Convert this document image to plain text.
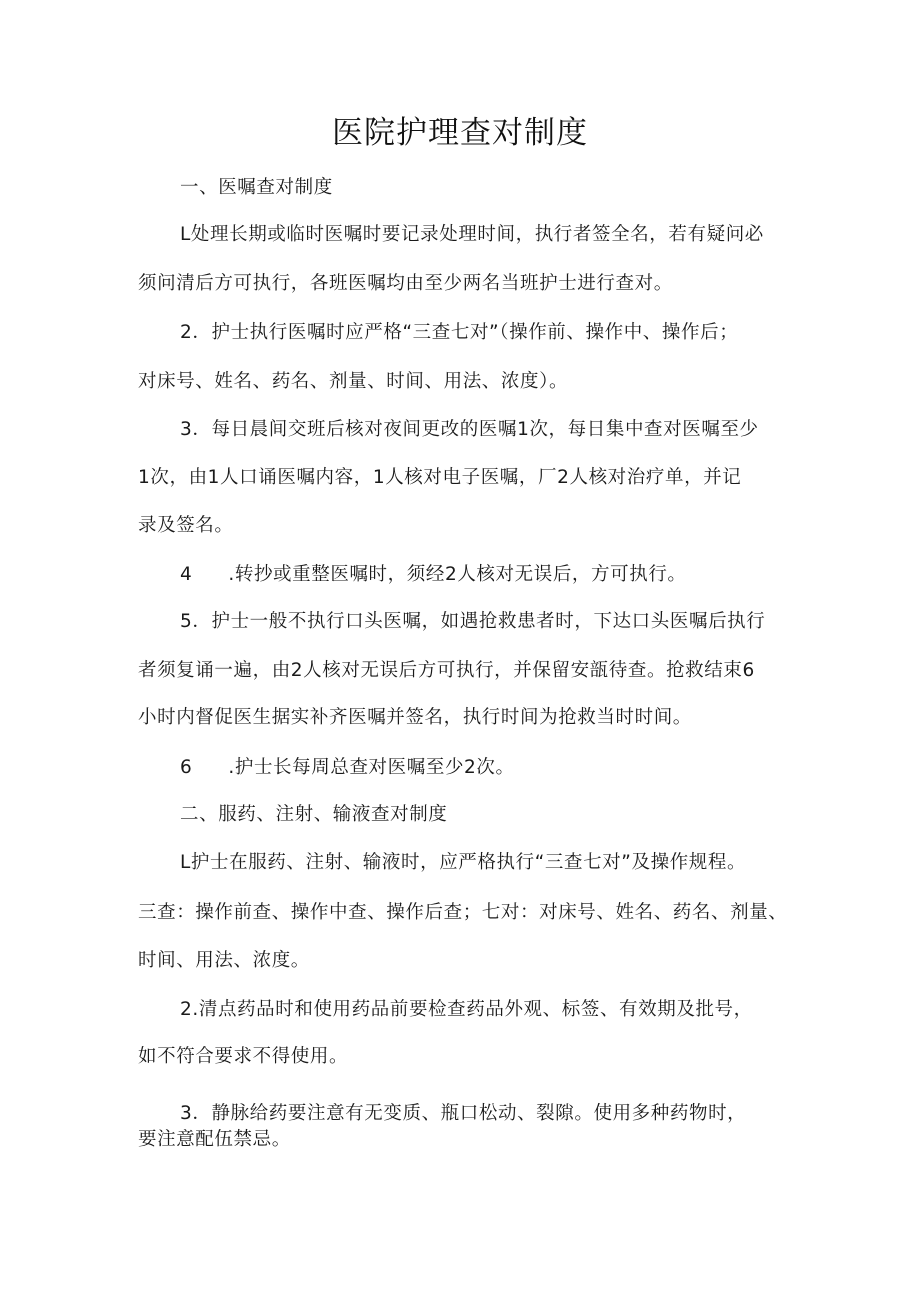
医院护理查对制度
一、医嘱查对制度
L处理长期或临时医嘱时要记录处理时间，执行者签全名，若有疑问必
须问清后方可执行，各班医嘱均由至少两名当班护士进行查对。
2．护士执行医嘱时应严格“三查七对”（操作前、操作中、操作后；
对床号、姓名、药名、剂量、时间、用法、浓度）。
3．每日晨间交班后核对夜间更改的医嘱1次，每日集中查对医嘱至少
1次，由1人口诵医嘱内容，1人核对电子医嘱，厂2人核对治疗单，并记
录及签名。
4 .转抄或重整医嘱时，须经2人核对无误后，方可执行。
5．护士一般不执行口头医嘱，如遇抢救患者时，下达口头医嘱后执行
者须复诵一遍，由2人核对无误后方可执行，并保留安瓿待查。抢救结束6
小时内督促医生据实补齐医嘱并签名，执行时间为抢救当时时间。
6 .护士长每周总查对医嘱至少2次。
二、服药、注射、输液查对制度
L护士在服药、注射、输液时，应严格执行“三查七对”及操作规程。
三查：操作前查、操作中查、操作后查；七对：对床号、姓名、药名、剂量、
时间、用法、浓度。
2.清点药品时和使用药品前要检查药品外观、标签、有效期及批号，
如不符合要求不得使用。
3．静脉给药要注意有无变质、瓶口松动、裂隙。使用多种药物时，
要注意配伍禁忌。
